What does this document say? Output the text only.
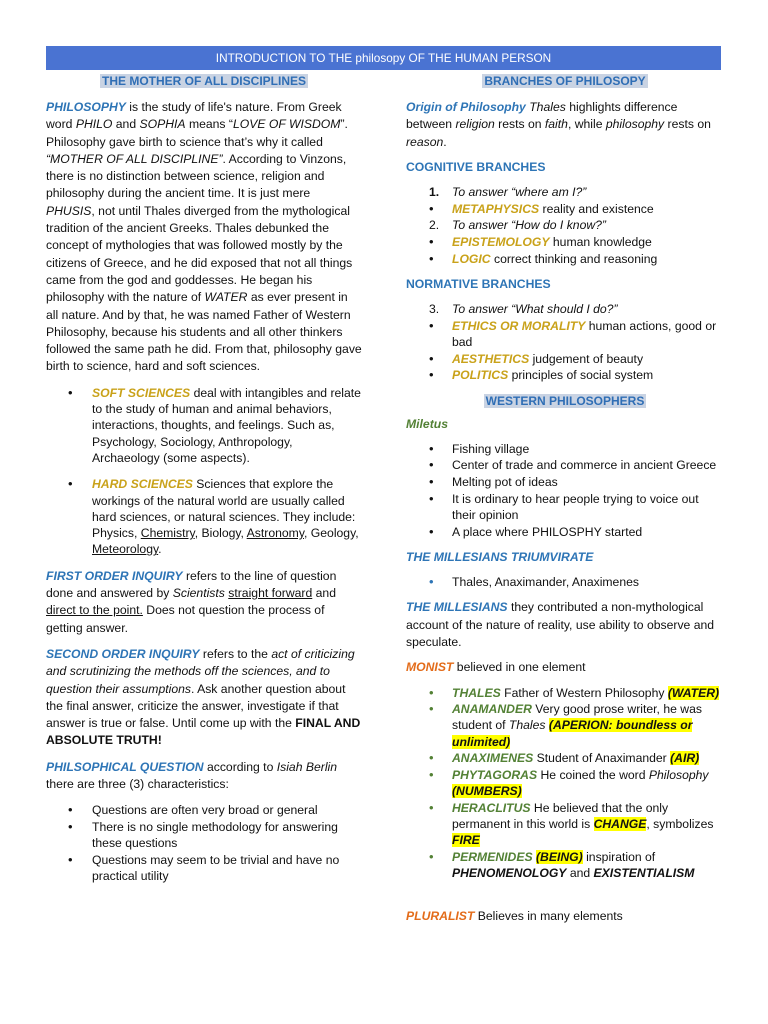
INTRODUCTION TO THE philosopy OF THE HUMAN PERSON
THE MOTHER OF ALL DISCIPLINES

PHILOSOPHY is the study of life's nature. From Greek word PHILO and SOPHIA means “LOVE OF WISDOM”. Philosophy gave birth to science that’s why it called “MOTHER OF ALL DISCIPLINE”. According to Vinzons, there is no distinction between science, religion and philosophy during the ancient time. It is just mere PHUSIS, not until Thales diverged from the mythological tradition of the ancient Greeks. Thales debunked the concept of mythologies that was followed mostly by the citizens of Greece, and he did exposed that not all things came from the god and goddesses. He began his philosophy with the nature of WATER as ever present in all nature. And by that, he was named Father of Western Philosophy, because his students and all other thinkers followed the same path he did. From that, philosophy gave birth to science, hard and soft sciences.

• SOFT SCIENCES deal with intangibles and relate to the study of human and animal behaviors, interactions, thoughts, and feelings. Such as, Psychology, Sociology, Anthropology, Archaeology (some aspects).
• HARD SCIENCES Sciences that explore the workings of the natural world are usually called hard sciences, or natural sciences. They include: Physics, Chemistry, Biology, Astronomy, Geology, Meteorology.

FIRST ORDER INQUIRY refers to the line of question done and answered by Scientists straight forward and direct to the point. Does not question the process of getting answer.

SECOND ORDER INQUIRY refers to the act of criticizing and scrutinizing the methods off the sciences, and to question their assumptions. Ask another question about the final answer, criticize the answer, investigate if that answer is true or false. Until come up with the FINAL AND ABSOLUTE TRUTH!

PHILSOPHICAL QUESTION according to Isiah Berlin there are three (3) characteristics:

• Questions are often very broad or general
• There is no single methodology for answering these questions
• Questions may seem to be trivial and have no practical utility
BRANCHES OF PHILOSOPY

Origin of Philosophy Thales highlights difference between religion rests on faith, while philosophy rests on reason.

COGNITIVE BRANCHES

1. To answer “where am I?”
• METAPHYSICS reality and existence
2. To answer “How do I know?”
• EPISTEMOLOGY human knowledge
• LOGIC correct thinking and reasoning

NORMATIVE BRANCHES

3. To answer “What should I do?”
• ETHICS OR MORALITY human actions, good or bad
• AESTHETICS judgement of beauty
• POLITICS principles of social system
WESTERN PHILOSOPHERS

Miletus

• Fishing village
• Center of trade and commerce in ancient Greece
• Melting pot of ideas
• It is ordinary to hear people trying to voice out their opinion
• A place where PHILOSPHY started

THE MILLESIANS TRIUMVIRATE

• Thales, Anaximander, Anaximenes

THE MILLESIANS they contributed a non-mythological account of the nature of reality, use ability to observe and speculate.

MONIST believed in one element

• THALES Father of Western Philosophy (WATER)
• ANAMANDER Very good prose writer, he was student of Thales (APERION: boundless or unlimited)
• ANAXIMENES Student of Anaximander (AIR)
• PHYTAGORAS He coined the word Philosophy (NUMBERS)
• HERACLITUS He believed that the only permanent in this world is CHANGE, symbolizes FIRE
• PERMENIDES (BEING) inspiration of PHENOMENOLOGY and EXISTENTIALISM

PLURALIST Believes in many elements
